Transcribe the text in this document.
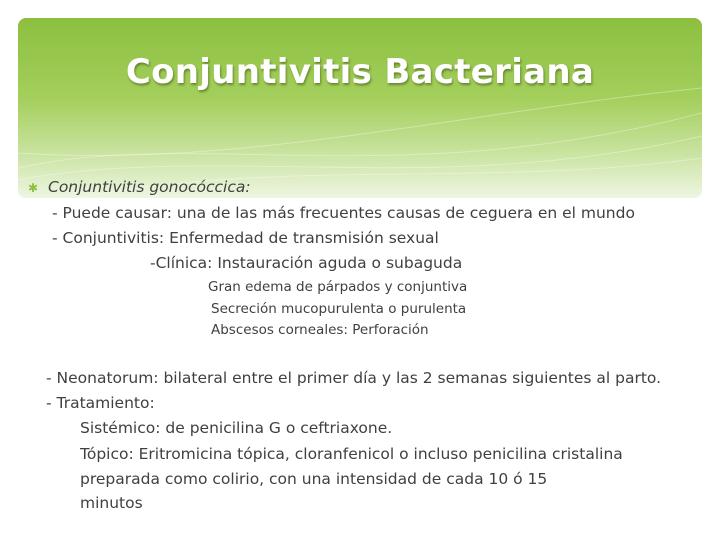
Conjuntivitis Bacteriana
✱ Conjuntivitis gonocóccica:
- Puede causar: una de las más frecuentes causas de ceguera en el mundo
- Conjuntivitis: Enfermedad de transmisión sexual
-Clínica: Instauración aguda o subaguda
Gran edema de párpados y conjuntiva
Secreción mucopurulenta o purulenta
Abscesos corneales: Perforación
- Neonatorum: bilateral entre el primer día y las 2 semanas siguientes al parto.
- Tratamiento:
Sistémico: de penicilina G o ceftriaxone.
Tópico: Eritromicina tópica, cloranfenicol o incluso penicilina cristalina
preparada como colirio, con una intensidad de cada 10 ó 15
minutos
